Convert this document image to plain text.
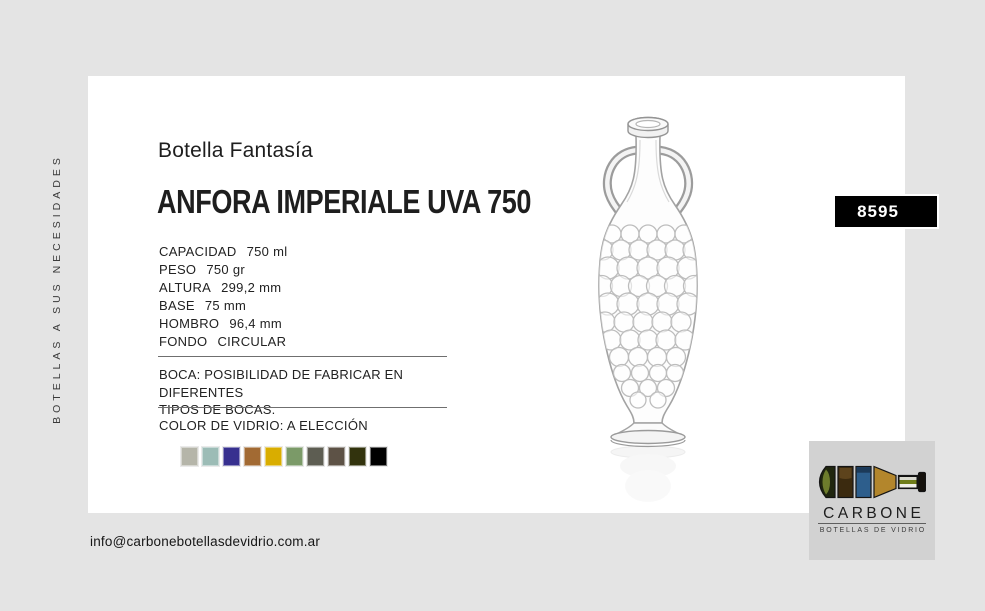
BOTELLAS A SUS NECESIDADES
Botella Fantasía
ANFORA IMPERIALE UVA 750
CAPACIDAD 750 ml
PESO 750 gr
ALTURA 299,2 mm
BASE 75 mm
HOMBRO 96,4 mm
FONDO CIRCULAR
BOCA: POSIBILIDAD DE FABRICAR EN DIFERENTES
TIPOS DE BOCAS.
COLOR DE VIDRIO: A ELECCIÓN
8595
info@carbonebotellasdevidrio.com.ar
CARBONE
BOTELLAS DE VIDRIO
